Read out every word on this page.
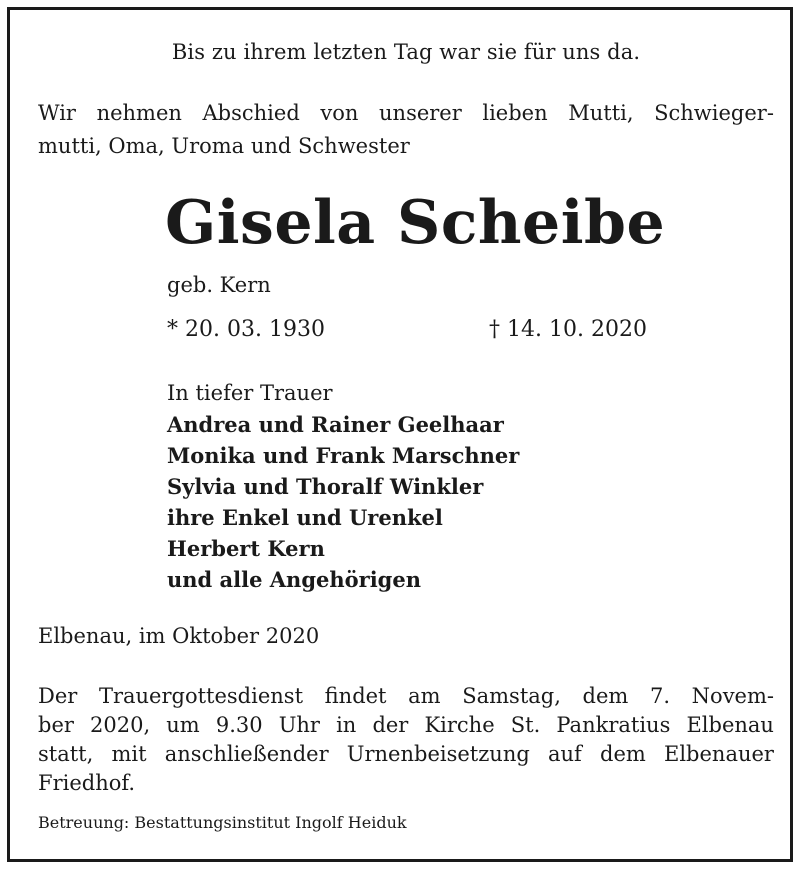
Bis zu ihrem letzten Tag war sie für uns da.
Wir nehmen Abschied von unserer lieben Mutti, Schwieger-
mutti, Oma, Uroma und Schwester
Gisela Scheibe
geb. Kern
* 20. 03. 1930	† 14. 10. 2020
In tiefer Trauer
Andrea und Rainer Geelhaar
Monika und Frank Marschner
Sylvia und Thoralf Winkler
ihre Enkel und Urenkel
Herbert Kern
und alle Angehörigen
Elbenau, im Oktober 2020
Der Trauergottesdienst findet am Samstag, dem 7. Novem-
ber 2020, um 9.30 Uhr in der Kirche St. Pankratius Elbenau
statt, mit anschließender Urnenbeisetzung auf dem Elbenauer
Friedhof.
Betreuung: Bestattungsinstitut Ingolf Heiduk
